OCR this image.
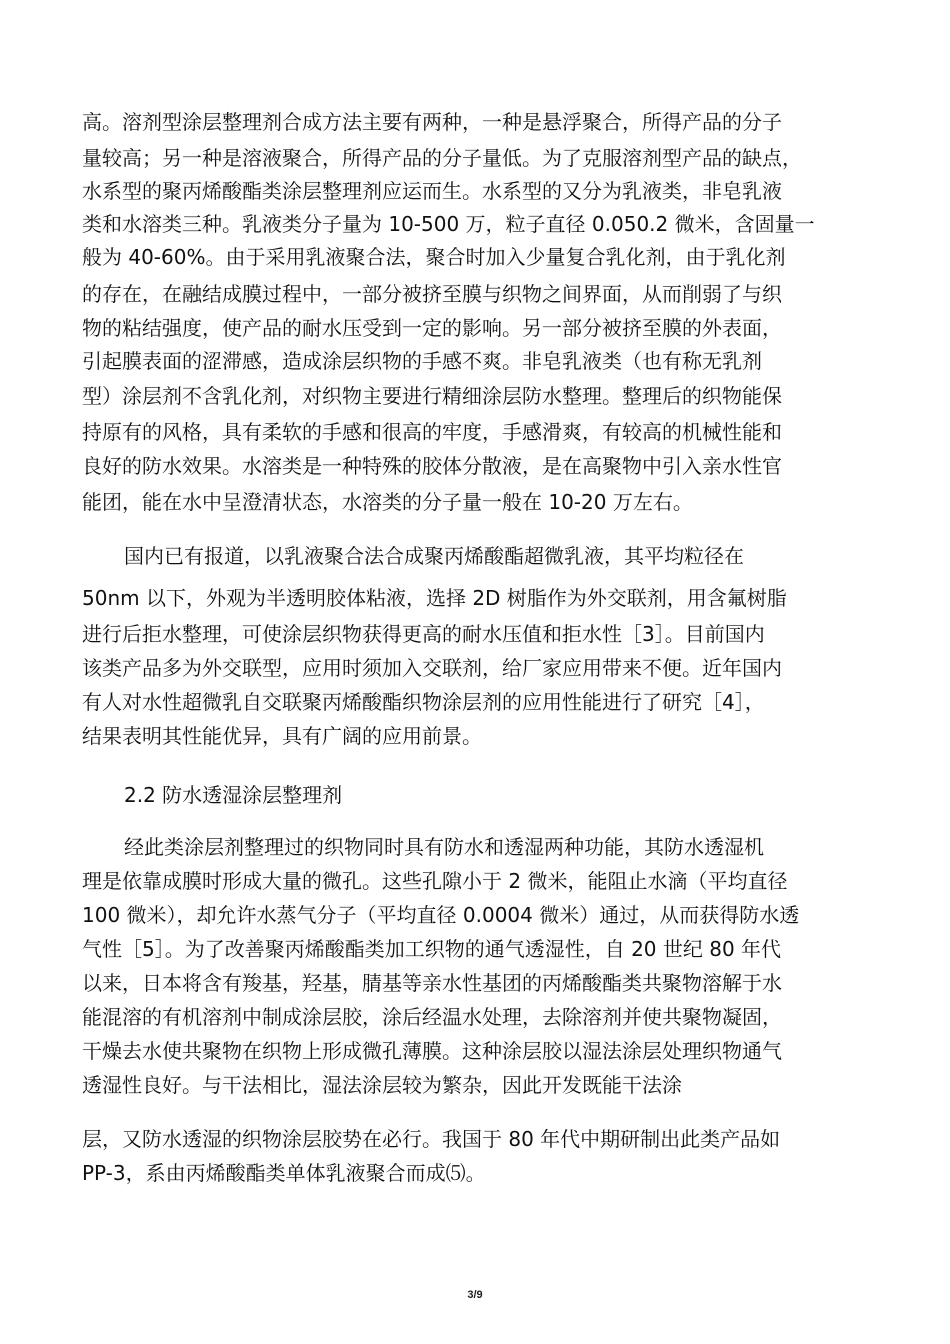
高。溶剂型涂层整理剂合成方法主要有两种，一种是悬浮聚合，所得产品的分子
量较高；另一种是溶液聚合，所得产品的分子量低。为了克服溶剂型产品的缺点，
水系型的聚丙烯酸酯类涂层整理剂应运而生。水系型的又分为乳液类，非皂乳液
类和水溶类三种。乳液类分子量为 10-500 万，粒子直径 0.050.2 微米，含固量一
般为 40-60%。由于采用乳液聚合法，聚合时加入少量复合乳化剂，由于乳化剂
的存在，在融结成膜过程中，一部分被挤至膜与织物之间界面，从而削弱了与织
物的粘结强度，使产品的耐水压受到一定的影响。另一部分被挤至膜的外表面，
引起膜表面的涩滞感，造成涂层织物的手感不爽。非皂乳液类（也有称无乳剂
型）涂层剂不含乳化剂，对织物主要进行精细涂层防水整理。整理后的织物能保
持原有的风格，具有柔软的手感和很高的牢度，手感滑爽，有较高的机械性能和
良好的防水效果。水溶类是一种特殊的胶体分散液，是在高聚物中引入亲水性官
能团，能在水中呈澄清状态，水溶类的分子量一般在 10-20 万左右。
国内已有报道，以乳液聚合法合成聚丙烯酸酯超微乳液，其平均粒径在
50nm 以下，外观为半透明胶体粘液，选择 2D 树脂作为外交联剂，用含氟树脂
进行后拒水整理，可使涂层织物获得更高的耐水压值和拒水性［3］。目前国内
该类产品多为外交联型，应用时须加入交联剂，给厂家应用带来不便。近年国内
有人对水性超微乳自交联聚丙烯酸酯织物涂层剂的应用性能进行了研究［4］，
结果表明其性能优异，具有广阔的应用前景。
2.2 防水透湿涂层整理剂
经此类涂层剂整理过的织物同时具有防水和透湿两种功能，其防水透湿机
理是依靠成膜时形成大量的微孔。这些孔隙小于 2 微米，能阻止水滴（平均直径
100 微米），却允许水蒸气分子（平均直径 0.0004 微米）通过，从而获得防水透
气性［5］。为了改善聚丙烯酸酯类加工织物的通气透湿性，自 20 世纪 80 年代
以来，日本将含有羧基，羟基，腈基等亲水性基团的丙烯酸酯类共聚物溶解于水
能混溶的有机溶剂中制成涂层胶，涂后经温水处理，去除溶剂并使共聚物凝固，
干燥去水使共聚物在织物上形成微孔薄膜。这种涂层胶以湿法涂层处理织物通气
透湿性良好。与干法相比，湿法涂层较为繁杂，因此开发既能干法涂
层，又防水透湿的织物涂层胶势在必行。我国于 80 年代中期研制出此类产品如
PP-3，系由丙烯酸酯类单体乳液聚合而成⑸。
3/9
